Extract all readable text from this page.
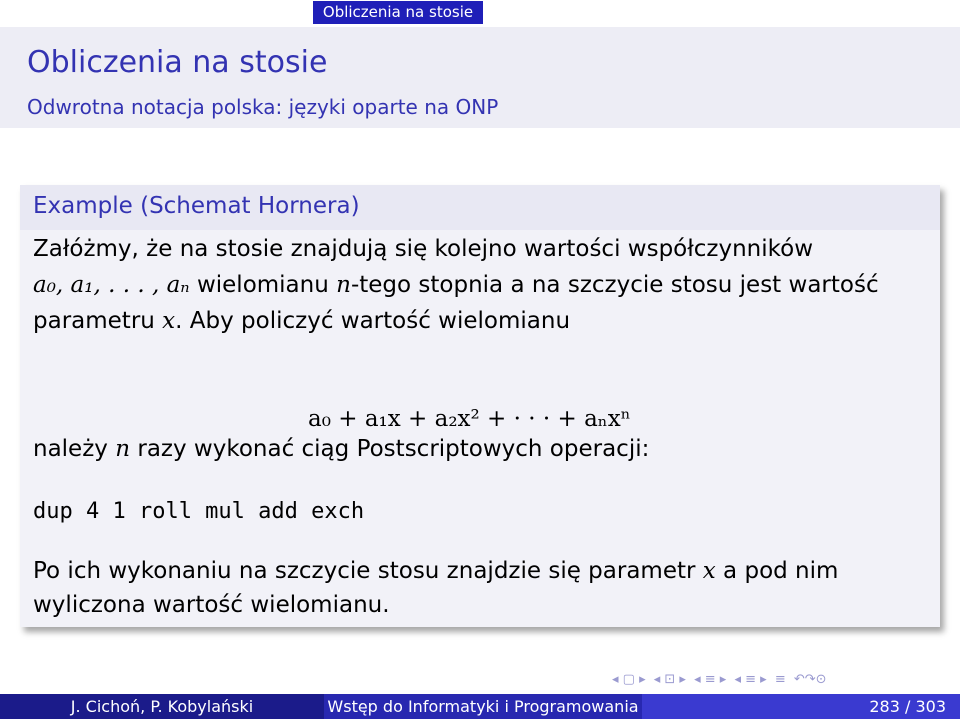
Obliczenia na stosie
Obliczenia na stosie
Odwrotna notacja polska: języki oparte na ONP
Example (Schemat Hornera)
Załóżmy, że na stosie znajdują się kolejno wartości współczynników
a₀, a₁, . . . , aₙ wielomianu n-tego stopnia a na szczycie stosu jest wartość
parametru x. Aby policzyć wartość wielomianu
a₀ + a₁x + a₂x² + · · · + aₙxⁿ
należy n razy wykonać ciąg Postscriptowych operacji:
dup 4 1 roll mul add exch
Po ich wykonaniu na szczycie stosu znajdzie się parametr x a pod nim
wyliczona wartość wielomianu.
◂ ▢ ▸ ◂ ⊡ ▸ ◂ ≡ ▸ ◂ ≡ ▸ ≡ ↶↷⊙
J. Cichoń, P. Kobylański	Wstęp do Informatyki i Programowania	283 / 303
